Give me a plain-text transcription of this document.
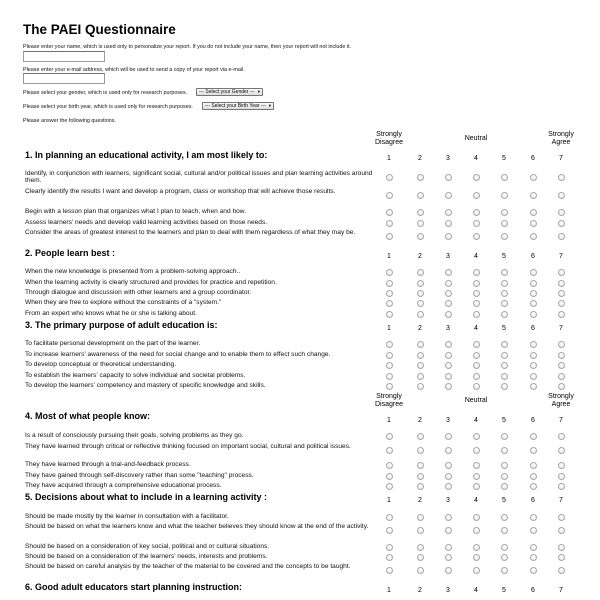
The PAEI Questionnaire
Please enter your name, which is used only to personalize your report. If you do not include your name, then your report will not include it.
Please enter your e-mail address, which will be used to send a copy of your report via e-mail.
Please select your gender, which is used only for research purposes.	--- Select your Gender --- ▼
Please select your birth year, which is used only for research purposes.	--- Select your Birth Year --- ▼
Please answer the following questions.
Strongly
Disagree
Neutral
Strongly
Agree
1. In planning an educational activity, I am most likely to:	1	2	3	4	5	6	7
Identify, in conjunction with learners, significant social, cultural and/or political issues and plan learning activities around them.
Clearly identify the results I want and develop a program, class or workshop that will achieve those results.
Begin with a lesson plan that organizes what I plan to teach, when and how.
Assess learners' needs and develop valid learning activities based on those needs.
Consider the areas of greatest interest to the learners and plan to deal with them regardless of what they may be.
2. People learn best :	1	2	3	4	5	6	7
When the new knowledge is presented from a problem-solving approach..
When the learning activity is clearly structured and provides for practice and repetition.
Through dialogue and discussion with other learners and a group coordinator.
When they are free to explore without the constraints of a "system."
From an expert who knows what he or she is talking about.
3. The primary purpose of adult education is:	1	2	3	4	5	6	7
To facilitate personal development on the part of the learner.
To increase learners' awareness of the need for social change and to enable them to effect such change.
To develop conceptual or theoretical understanding.
To establish the learners' capacity to solve individual and societal problems.
To develop the learners' competency and mastery of specific knowledge and skills.
Strongly
Disagree
Neutral
Strongly
Agree
4. Most of what people know:	1	2	3	4	5	6	7
Is a result of consciously pursuing their goals, solving problems as they go.
They have learned through critical or reflective thinking focused on important social, cultural and political issues.
They have learned through a trial-and-feedback process.
They have gained through self-discovery rather than some "teaching" process.
They have acquired through a comprehensive educational process.
5. Decisions about what to include in a learning activity :	1	2	3	4	5	6	7
Should be made mostly by the learner in consultation with a facilitator.
Should be based on what the learners know and what the teacher believes they should know at the end of the activity.
Should be based on a consideration of key social, political and or cultural situations.
Should be based on a consideration of the learners' needs, interests and problems.
Should be based on careful analysis by the teacher of the material to be covered and the concepts to be taught.
6. Good adult educators start planning instruction:	1	2	3	4	5	6	7
